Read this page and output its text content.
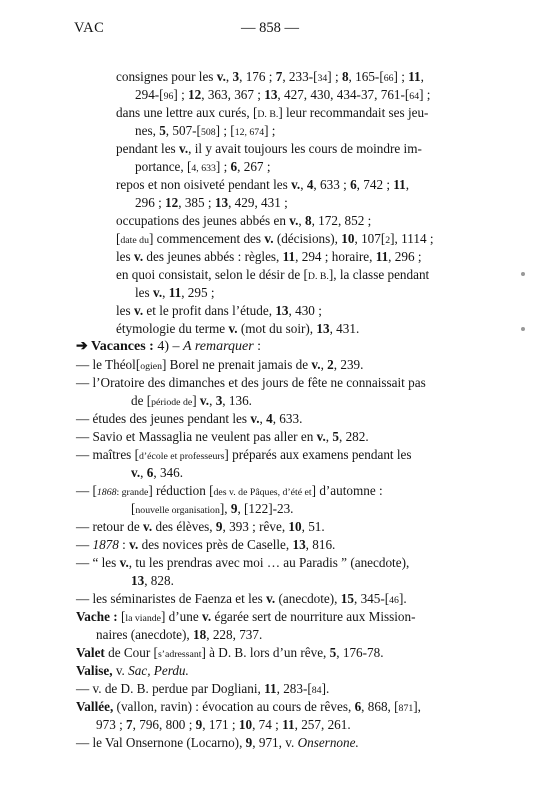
VAC	— 858 —
consignes pour les v., 3, 176 ; 7, 233-[34] ; 8, 165-[66] ; 11,
294-[96] ; 12, 363, 367 ; 13, 427, 430, 434-37, 761-[64] ;
dans une lettre aux curés, [D. B.] leur recommandait ses jeu-
nes, 5, 507-[508] ; [12, 674] ;
pendant les v., il y avait toujours les cours de moindre im-
portance, [4, 633] ; 6, 267 ;
repos et non oisiveté pendant les v., 4, 633 ; 6, 742 ; 11,
296 ; 12, 385 ; 13, 429, 431 ;
occupations des jeunes abbés en v., 8, 172, 852 ;
[date du] commencement des v. (décisions), 10, 107[2], 1114 ;
les v. des jeunes abbés : règles, 11, 294 ; horaire, 11, 296 ;
en quoi consistait, selon le désir de [D. B.], la classe pendant
les v., 11, 295 ;
les v. et le profit dans l’étude, 13, 430 ;
étymologie du terme v. (mot du soir), 13, 431.
➔ Vacances : 4) – A remarquer :
— le Théol[ogien] Borel ne prenait jamais de v., 2, 239.
— l’Oratoire des dimanches et des jours de fête ne connaissait pas
de [période de] v., 3, 136.
— études des jeunes pendant les v., 4, 633.
— Savio et Massaglia ne veulent pas aller en v., 5, 282.
— maîtres [d’école et professeurs] préparés aux examens pendant les
v., 6, 346.
— [1868: grande] réduction [des v. de Pâques, d’été et] d’automne :
[nouvelle organisation], 9, [122]-23.
— retour de v. des élèves, 9, 393 ; rêve, 10, 51.
— 1878 : v. des novices près de Caselle, 13, 816.
— “ les v., tu les prendras avec moi … au Paradis ” (anecdote),
13, 828.
— les séminaristes de Faenza et les v. (anecdote), 15, 345-[46].
Vache : [la viande] d’une v. égarée sert de nourriture aux Mission-
naires (anecdote), 18, 228, 737.
Valet de Cour [s’adressant] à D. B. lors d’un rêve, 5, 176-78.
Valise, v. Sac, Perdu.
— v. de D. B. perdue par Dogliani, 11, 283-[84].
Vallée, (vallon, ravin) : évocation au cours de rêves, 6, 868, [871],
973 ; 7, 796, 800 ; 9, 171 ; 10, 74 ; 11, 257, 261.
— le Val Onsernone (Locarno), 9, 971, v. Onsernone.
